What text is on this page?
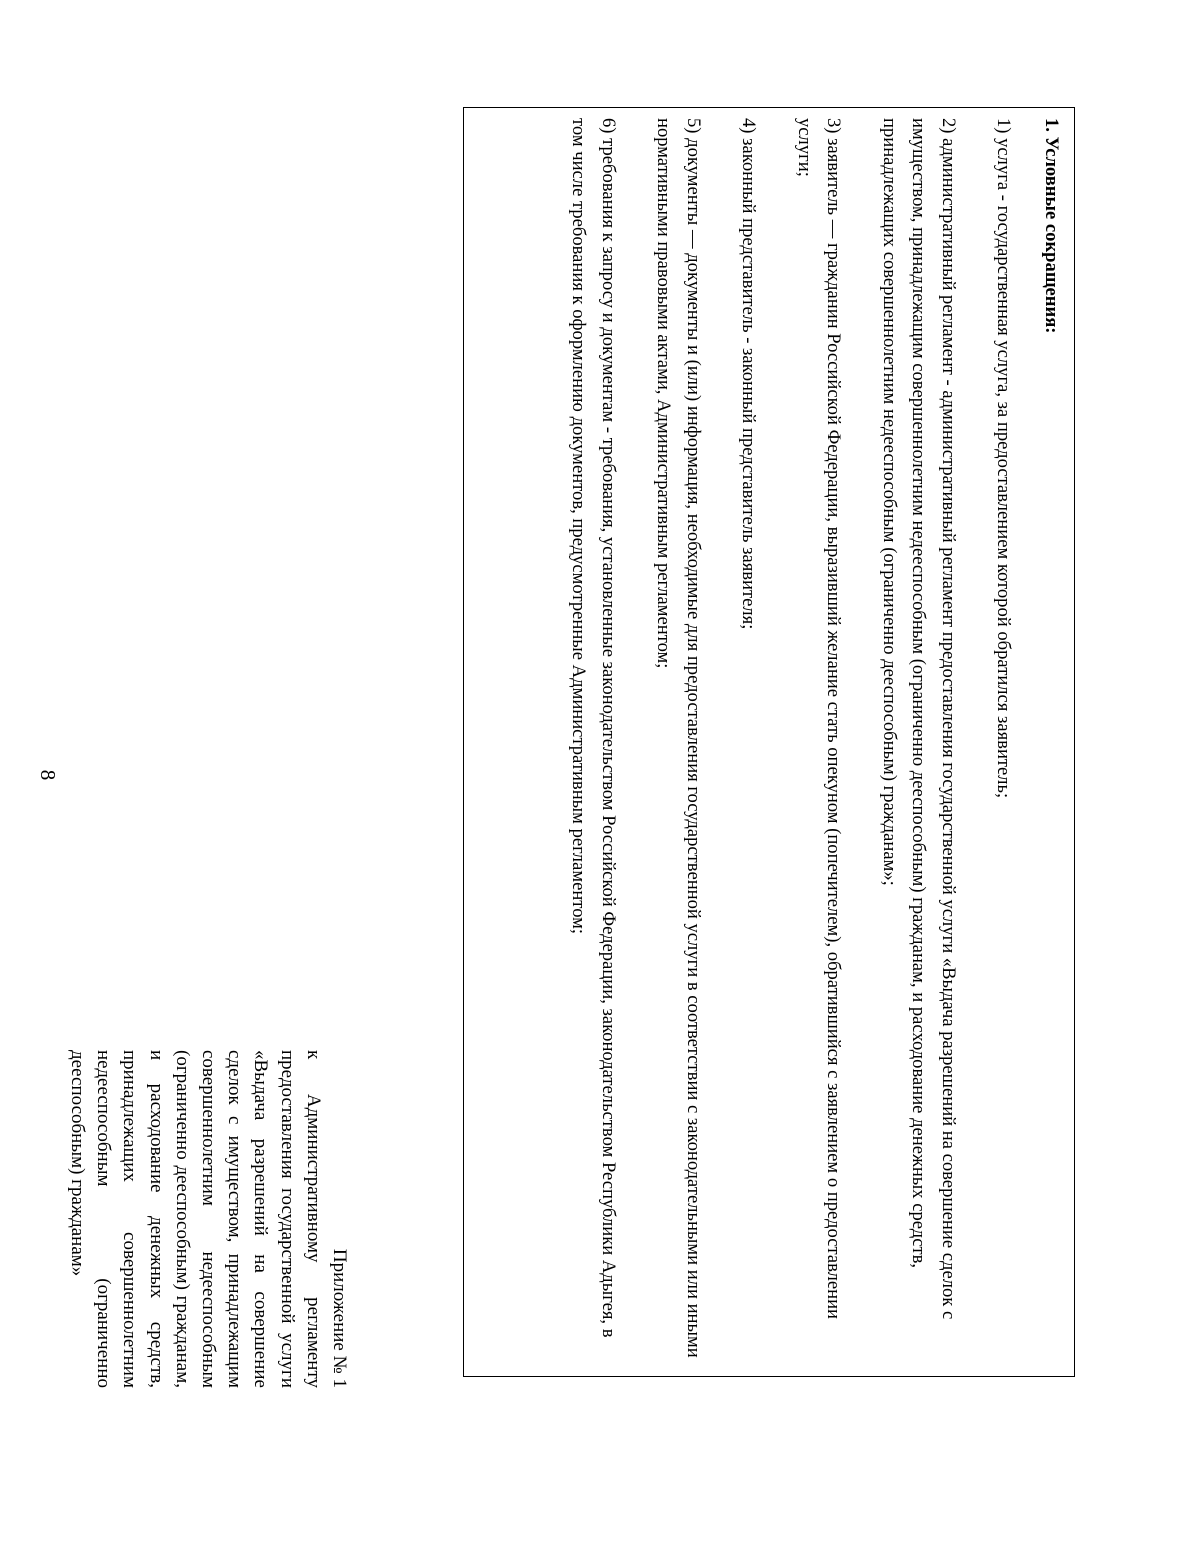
8
Приложение № 1
к Административному регламенту предоставления государственной услуги «Выдача разрешений на совершение сделок с имуществом, принадлежащим совершеннолетним недееспособным (ограниченно дееспособным) гражданам, и расходование денежных средств, принадлежащих совершеннолетним недееспособным (ограниченно дееспособным) гражданам»
1. Условные сокращения:
1) услуга - государственная услуга, за предоставлением которой обратился заявитель;
2) административный регламент - административный регламент предоставления государственной услуги «Выдача разрешений на совершение сделок с имуществом, принадлежащим совершеннолетним недееспособным (ограниченно дееспособным) гражданам, и расходование денежных средств, принадлежащих совершеннолетним недееспособным (ограниченно дееспособным) гражданам»;
3) заявитель — гражданин Российской Федерации, выразивший желание стать опекуном (попечителем), обратившийся с заявлением о предоставлении услуги;
4) законный представитель - законный представитель заявителя;
5) документы — документы и (или) информация, необходимые для предоставления государственной услуги в соответствии с законодательными или иными нормативными правовыми актами, Административным регламентом;
6) требования к запросу и документам - требования, установленные законодательством Российской Федерации, законодательством Республики Адыгея, в том числе требования к оформлению документов, предусмотренные Административным регламентом;
